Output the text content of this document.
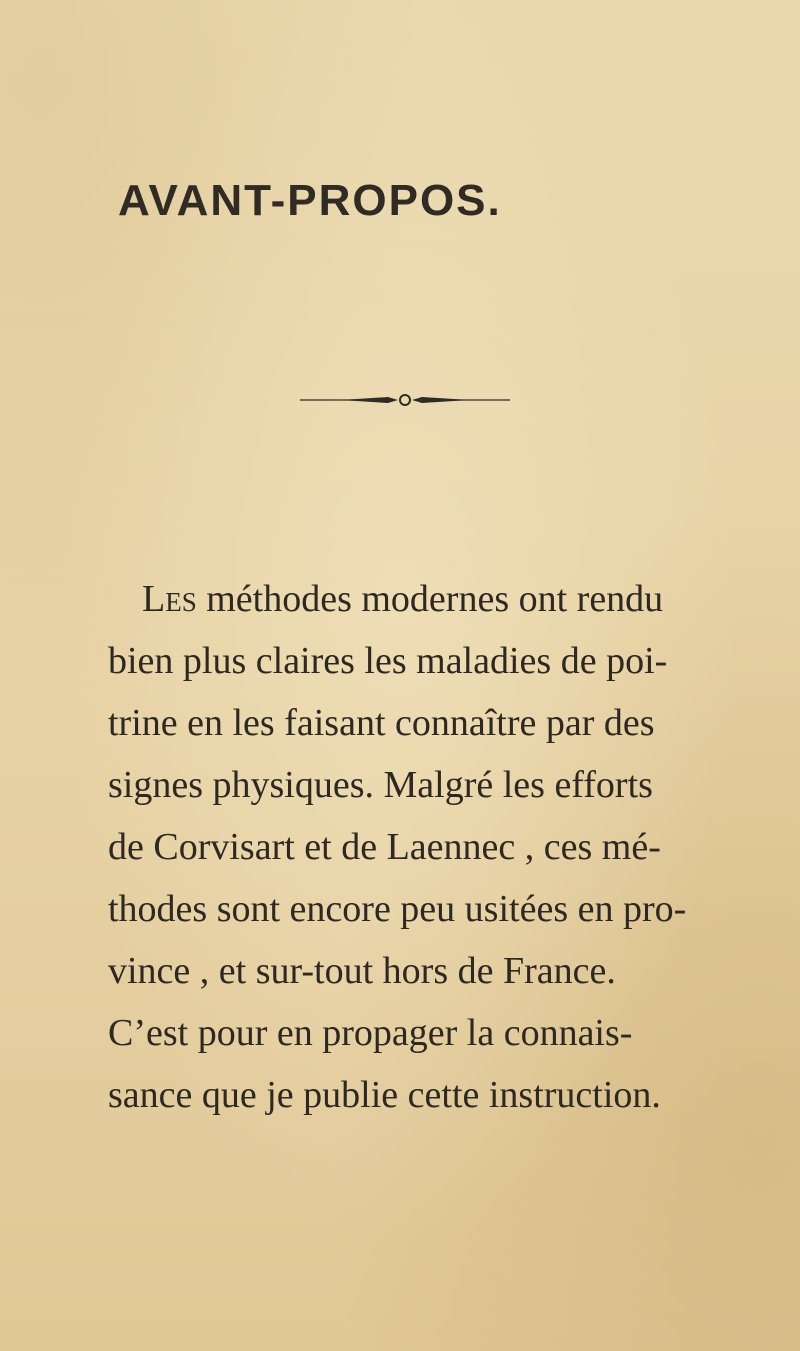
AVANT-PROPOS.
Les méthodes modernes ont rendu
bien plus claires les maladies de poi-
trine en les faisant connaître par des
signes physiques. Malgré les efforts
de Corvisart et de Laennec , ces mé-
thodes sont encore peu usitées en pro-
vince , et sur-tout hors de France.
C’est pour en propager la connais-
sance que je publie cette instruction.
